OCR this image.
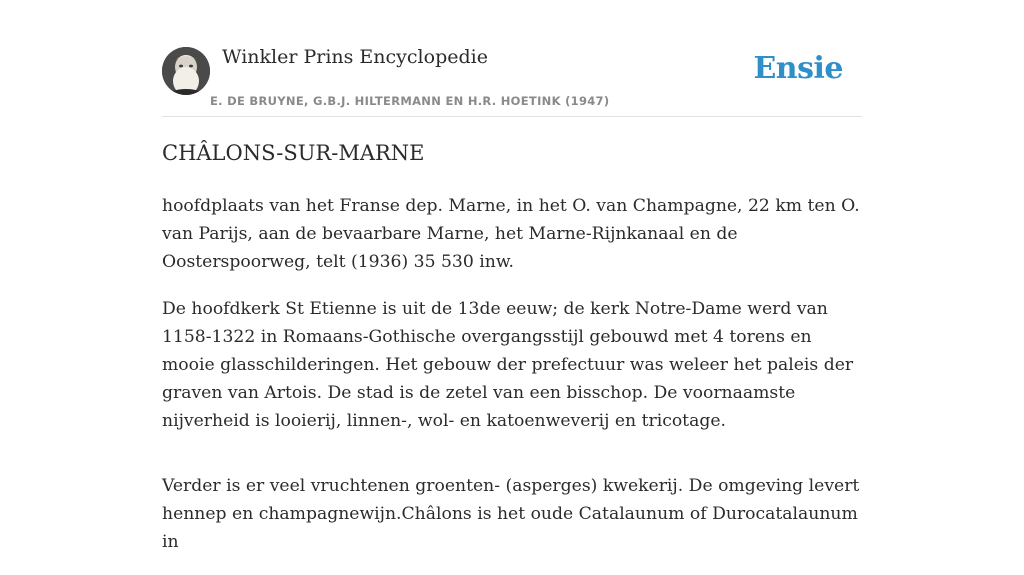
Winkler Prins Encyclopedie
E. DE BRUYNE, G.B.J. HILTERMANN EN H.R. HOETINK (1947)
Ensie
CHÂLONS-SUR-MARNE

hoofdplaats van het Franse dep. Marne, in het O. van Champagne, 22 km ten O. van Parijs, aan de bevaarbare Marne, het Marne-Rijnkanaal en de Oosterspoorweg, telt (1936) 35 530 inw.

De hoofdkerk St Etienne is uit de 13de eeuw; de kerk Notre-Dame werd van 1158-1322 in Romaans-Gothische overgangsstijl gebouwd met 4 torens en mooie glasschilderingen. Het gebouw der prefectuur was weleer het paleis der graven van Artois. De stad is de zetel van een bisschop. De voornaamste nijverheid is looierij, linnen-, wol- en katoenweverij en tricotage.

Verder is er veel vruchtenen groenten- (asperges) kwekerij. De omgeving levert hennep en champagnewijn.Châlons is het oude Catalaunum of Durocatalaunum in
